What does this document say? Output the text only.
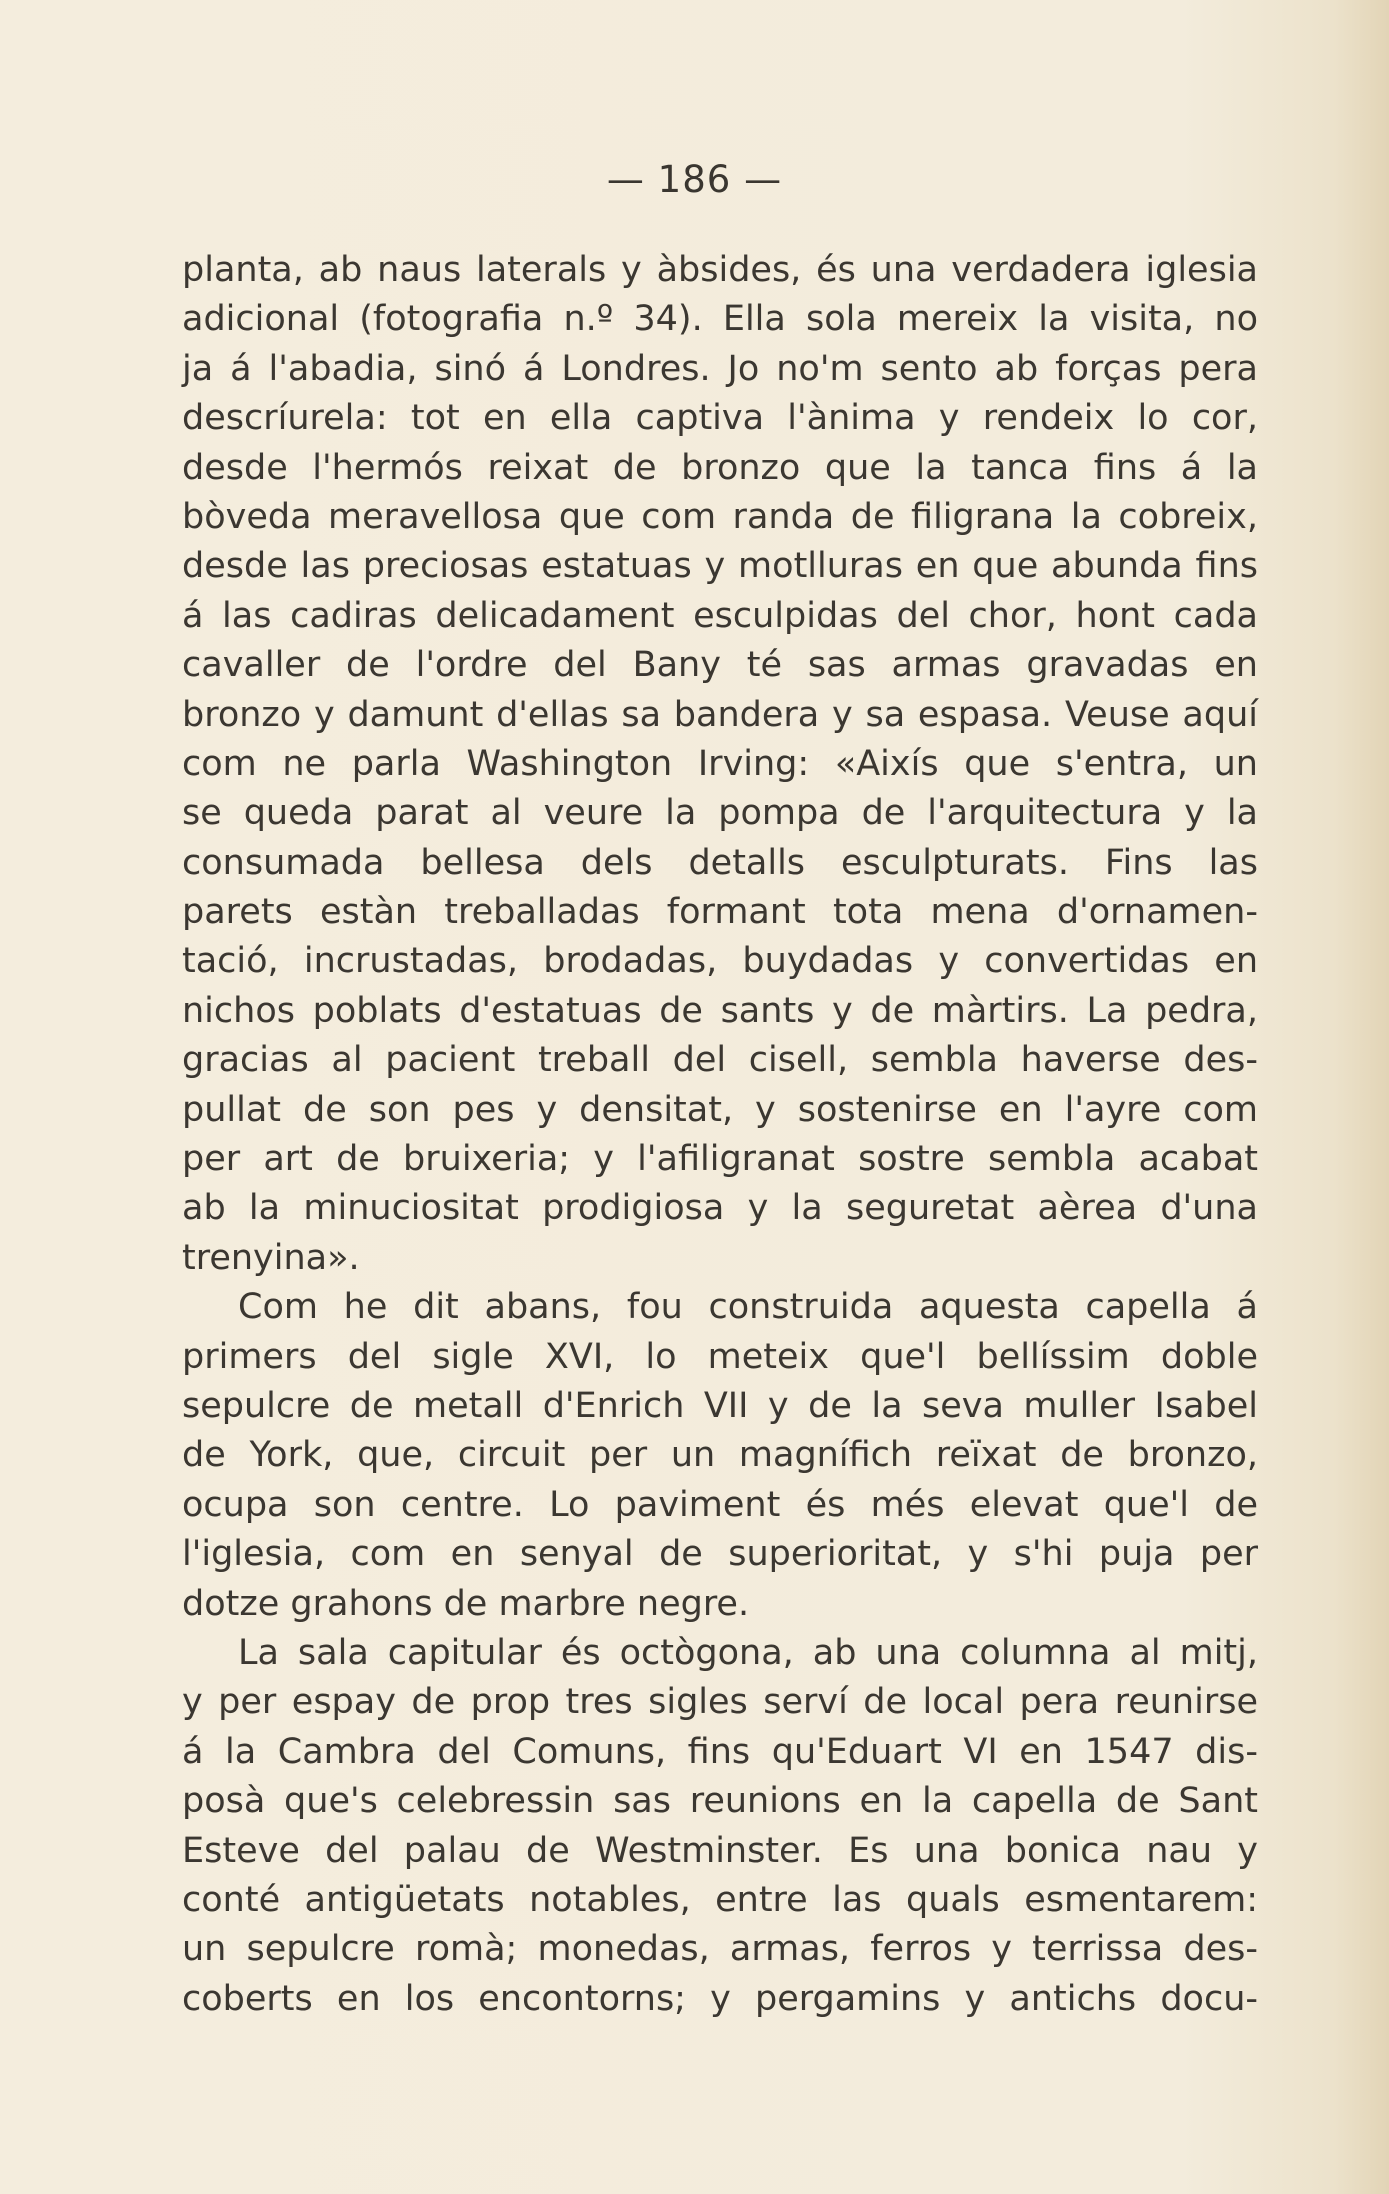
— 186 —
planta, ab naus laterals y àbsides, és una verdadera iglesia
adicional (fotografia n.º 34). Ella sola mereix la visita, no
ja á l'abadia, sinó á Londres. Jo no'm sento ab forças pera
descríurela: tot en ella captiva l'ànima y rendeix lo cor,
desde l'hermós reixat de bronzo que la tanca fins á la
bòveda meravellosa que com randa de filigrana la cobreix,
desde las preciosas estatuas y motlluras en que abunda fins
á las cadiras delicadament esculpidas del chor, hont cada
cavaller de l'ordre del Bany té sas armas gravadas en
bronzo y damunt d'ellas sa bandera y sa espasa. Veuse aquí
com ne parla Washington Irving: «Aixís que s'entra, un
se queda parat al veure la pompa de l'arquitectura y la
consumada bellesa dels detalls esculpturats. Fins las
parets estàn treballadas formant tota mena d'ornamen-
tació, incrustadas, brodadas, buydadas y convertidas en
nichos poblats d'estatuas de sants y de màrtirs. La pedra,
gracias al pacient treball del cisell, sembla haverse des-
pullat de son pes y densitat, y sostenirse en l'ayre com
per art de bruixeria; y l'afiligranat sostre sembla acabat
ab la minuciositat prodigiosa y la seguretat aèrea d'una
trenyina».
Com he dit abans, fou construida aquesta capella á
primers del sigle XVI, lo meteix que'l bellíssim doble
sepulcre de metall d'Enrich VII y de la seva muller Isabel
de York, que, circuit per un magnífich reïxat de bronzo,
ocupa son centre. Lo paviment és més elevat que'l de
l'iglesia, com en senyal de superioritat, y s'hi puja per
dotze grahons de marbre negre.
La sala capitular és octògona, ab una columna al mitj,
y per espay de prop tres sigles serví de local pera reunirse
á la Cambra del Comuns, fins qu'Eduart VI en 1547 dis-
posà que's celebressin sas reunions en la capella de Sant
Esteve del palau de Westminster. Es una bonica nau y
conté antigüetats notables, entre las quals esmentarem:
un sepulcre romà; monedas, armas, ferros y terrissa des-
coberts en los encontorns; y pergamins y antichs docu-
